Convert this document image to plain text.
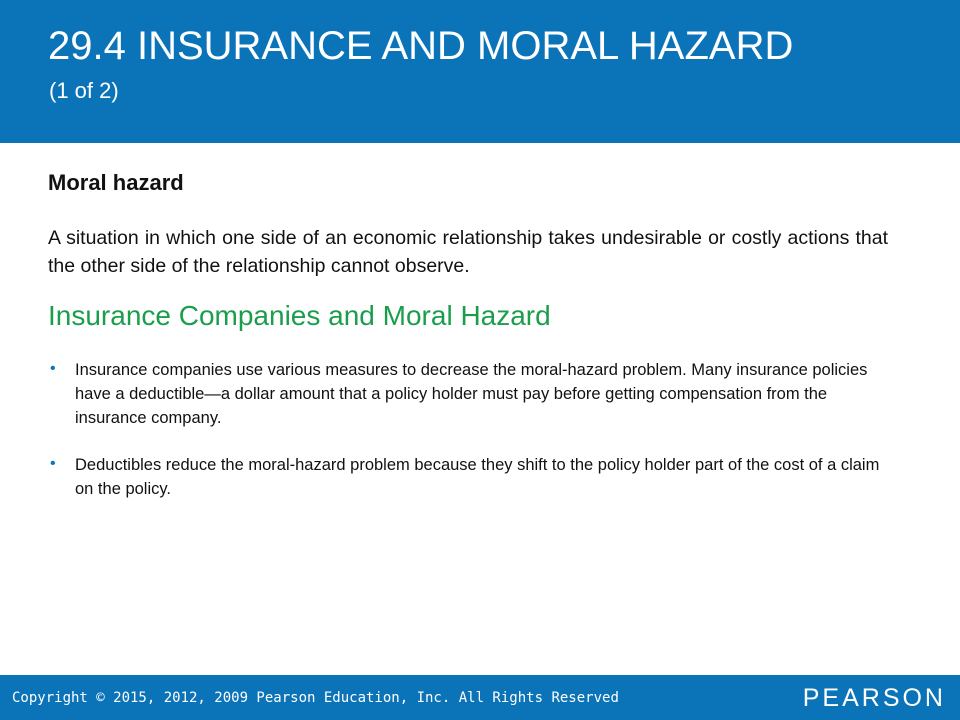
29.4 INSURANCE AND MORAL HAZARD
(1 of 2)
Moral hazard
A situation in which one side of an economic relationship takes undesirable or costly actions that the other side of the relationship cannot observe.
Insurance Companies and Moral Hazard
• Insurance companies use various measures to decrease the moral-hazard problem. Many insurance policies have a deductible—a dollar amount that a policy holder must pay before getting compensation from the insurance company.
• Deductibles reduce the moral-hazard problem because they shift to the policy holder part of the cost of a claim on the policy.
Copyright © 2015, 2012, 2009 Pearson Education, Inc. All Rights Reserved	PEARSON
